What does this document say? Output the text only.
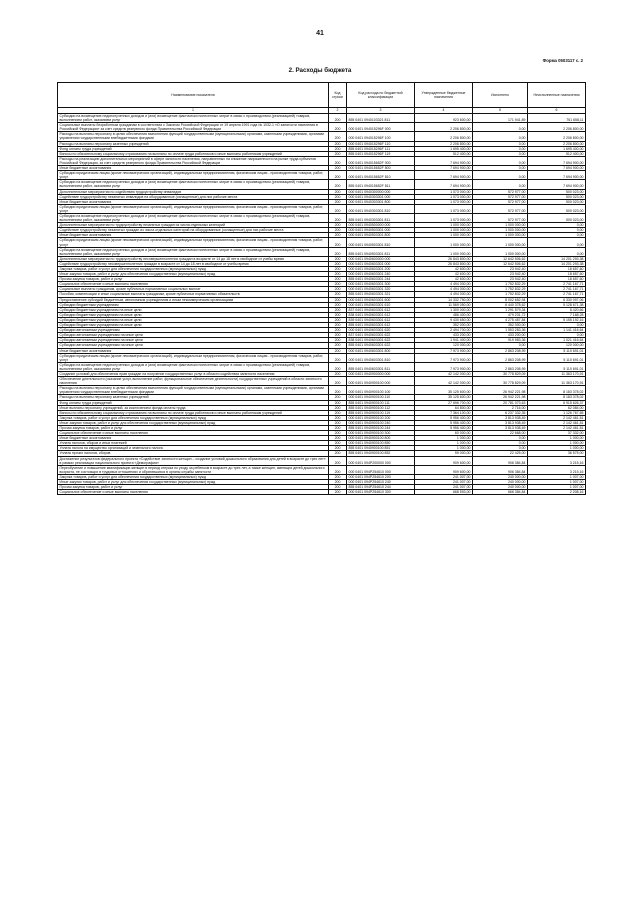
41
Форма 0503117 с. 2
2. Расходы бюджета
Наименование показателя	Код строки	Код расхода по бюджетной классификации	Утвержденные бюджетные назначения	Исполнено	Неисполненные назначения
1	2	3	4	5	6
Субсидии на возмещение недополученных доходов и (или) возмещение фактически понесенных затрат в связи с производством (реализацией) товаров, выполнением работ, оказанием услуг	200	855 0401 0940103321 811	923 600,00	171 941,89	751 658,11
Социальные выплаты безработным гражданам в соответствии с Законом Российской Федерации от 19 апреля 1991 года № 1032-1 «О занятости населения в Российской Федерации» за счет средств резервного фонда Правительства Российской Федерации	200	000 0401 094015296F 000	2 206 800,00	0,00	2 206 800,00
Расходы на выплаты персоналу в целях обеспечения выполнения функций государственными (муниципальными) органами, казенными учреждениями, органами управления государственными внебюджетными фондами	200	000 0401 094015296F 100	2 206 800,00	0,00	2 206 800,00
Расходы на выплаты персоналу казенных учреждений	200	000 0401 094015296F 110	2 206 800,00	0,00	2 206 800,00
Фонд оплаты труда учреждений	200	855 0401 094015296F 111	1 695 400,00	0,00	1 695 400,00
Взносы по обязательному социальному страхованию на выплаты по оплате труда работников и иные выплаты работникам учреждений	200	855 0401 094015296F 119	512 400,00	0,00	512 400,00
Расходы на реализацию дополнительных мероприятий в сфере занятости населения, направленных на снижение напряженности на рынке труда субъектов Российской Федерации, за счет средств резервного фонда Правительства Российской Федерации	200	000 0401 094015652F 000	7 694 900,00	0,00	7 694 900,00
Иные бюджетные ассигнования	200	000 0401 094015652F 800	7 694 900,00	0,00	7 694 900,00
Субсидии юридическим лицам (кроме некоммерческих организаций), индивидуальным предпринимателям, физическим лицам - производителям товаров, работ, услуг	200	000 0401 094015652F 810	7 694 900,00	0,00	7 694 900,00
Субсидии на возмещение недополученных доходов и (или) возмещение фактически понесенных затрат в связи с производством (реализацией) товаров, выполнением работ, оказанием услуг	200	855 0401 094015652F 811	7 694 900,00	0,00	7 694 900,00
Дополнительные мероприятия по содействию трудоустройству инвалидов	200	000 0401 0940300000 000	1 073 000,00	572 977,00	500 023,00
Содействие трудоустройству незанятых инвалидов на оборудованные (оснащенные) для них рабочие места	200	000 0401 0940303301 000	1 073 000,00	572 977,00	500 023,00
Иные бюджетные ассигнования	200	000 0401 0940303301 800	1 073 000,00	572 977,00	500 023,00
Субсидии юридическим лицам (кроме некоммерческих организаций), индивидуальным предпринимателям, физическим лицам - производителям товаров, работ, услуг	200	000 0401 0940303301 810	1 073 000,00	572 977,00	500 023,00
Субсидии на возмещение недополученных доходов и (или) возмещение фактически понесенных затрат в связи с производством (реализацией) товаров, выполнением работ, оказанием услуг	200	855 0401 0940303301 811	1 073 000,00	572 977,00	500 023,00
Дополнительные мероприятия по трудоустройству незанятых граждан из числа отдельных категорий	200	000 0401 0940500000 000	1 000 000,00	1 000 000,00	0,00
Содействие трудоустройству незанятых граждан из числа отдельных категорий на оборудованные (оснащенные) для них рабочие места	200	000 0401 0940503301 000	1 000 000,00	1 000 000,00	0,00
Иные бюджетные ассигнования	200	000 0401 0940503301 800	1 000 000,00	1 000 000,00	0,00
Субсидии юридическим лицам (кроме некоммерческих организаций), индивидуальным предпринимателям, физическим лицам - производителям товаров, работ, услуг	200	000 0401 0940503301 810	1 000 000,00	1 000 000,00	0,00
Субсидии на возмещение недополученных доходов и (или) возмещение фактически понесенных затрат в связи с производством (реализацией) товаров, выполнением работ, оказанием услуг	200	855 0401 0940503301 811	1 000 000,00	1 000 000,00	0,00
Дополнительные мероприятия по трудоустройству несовершеннолетних граждан в возрасте от 14 до 18 лет в свободное от учебы время	200	000 0401 0940600000 000	26 843 800,00	12 642 506,62	14 201 293,38
Содействие трудоустройству несовершеннолетних граждан в возрасте от 14 до 18 лет в свободное от учебы время	200	000 0401 0940603301 000	26 843 800,00	12 642 506,62	14 201 293,38
Закупка товаров, работ и услуг для обеспечения государственных (муниципальных) нужд	200	000 0401 0940603301 200	42 600,00	23 942,40	18 657,60
Иные закупки товаров, работ и услуг для обеспечения государственных (муниципальных) нужд	200	000 0401 0940603301 240	42 600,00	23 942,40	18 657,60
Прочая закупка товаров, работ и услуг	200	855 0401 0940603301 244	42 600,00	23 942,40	18 657,60
Социальное обеспечение и иные выплаты населению	200	000 0401 0940603301 300	4 494 000,00	1 752 832,29	2 741 167,71
Социальные выплаты гражданам, кроме публичных нормативных социальных выплат	200	000 0401 0940603301 320	4 494 000,00	1 752 832,29	2 741 167,71
Пособия, компенсации и иные социальные выплаты гражданам, кроме публичных нормативных обязательств	200	855 0401 0940603301 321	4 494 000,00	1 752 832,29	2 741 167,71
Предоставление субсидий бюджетным, автономным учреждениям и иным некоммерческим организациям	200	000 0401 0940603301 600	14 332 750,00	8 002 652,94	6 330 097,06
Субсидии бюджетным учреждениям	200	000 0401 0940603301 610	11 569 050,00	6 440 378,62	5 128 671,38
Субсидии бюджетным учреждениям на иные цели	200	837 0401 0940603301 612	1 300 000,00	1 291 579,34	8 420,66
Субсидии бюджетным учреждениям на иные цели	200	838 0401 0940603301 612	486 400,00	479 231,72	7 168,28
Субсидии бюджетным учреждениям на иные цели	200	839 0401 0940603301 612	9 430 650,00	4 275 457,84	5 155 192,16
Субсидии бюджетным учреждениям на иные цели	200	855 0401 0940603301 612	352 000,00	352 000,00	0,00
Субсидии автономным учреждениям	200	000 0401 0940603301 620	2 494 700,00	1 553 283,36	1 141 416,64
Субсидии автономным учреждениям на иные цели	200	837 0401 0940603301 622	433 200,00	433 200,00	0,00
Субсидии автономным учреждениям на иные цели	200	838 0401 0940603301 622	1 941 400,00	919 983,36	1 021 416,64
Субсидии автономным учреждениям на иные цели	200	855 0401 0940603301 622	120 000,00	0,00	120 000,00
Иные бюджетные ассигнования	200	000 0401 0940603301 800	7 973 900,00	2 863 208,99	5 110 691,01
Субсидии юридическим лицам (кроме некоммерческих организаций), индивидуальным предпринимателям, физическим лицам - производителям товаров, работ, услуг	200	000 0401 0940603301 810	7 973 900,00	2 863 208,99	5 110 691,01
Субсидии на возмещение недополученных доходов и (или) возмещение фактически понесенных затрат в связи с производством (реализацией) товаров, выполнением работ, оказанием услуг	200	855 0401 0940603301 811	7 973 900,00	2 863 208,99	5 110 691,01
Создание условий для обеспечения прав граждан на получение государственных услуг в области содействия занятости населения	200	000 0401 0940900000 000	42 142 000,00	30 778 829,09	11 363 170,91
Обеспечение деятельности (оказание услуг, выполнение работ, функциональное обеспечение деятельности) государственных учреждений в области занятости населения	200	000 0401 0940900100 000	42 142 000,00	30 778 829,09	11 363 170,91
Расходы на выплаты персоналу в целях обеспечения выполнения функций государственными (муниципальными) органами, казенными учреждениями, органами управления государственными внебюджетными фондами	200	000 0401 0940900100 100	35 125 600,00	26 942 221,98	8 183 378,02
Расходы на выплаты персоналу казенных учреждений	200	000 0401 0940900100 110	35 125 600,00	26 942 221,98	8 183 378,02
Фонд оплаты труда учреждений	200	855 0401 0940900100 111	27 696 700,00	20 781 073,63	6 915 626,37
Иные выплаты персоналу учреждений, за исключением фонда оплаты труда	200	855 0401 0940900100 112	64 800,00	2 716,00	62 084,00
Взносы по обязательному социальному страхованию на выплаты по оплате труда работников и иные выплаты работникам учреждений	200	855 0401 0940900100 119	7 364 100,00	6 237 332,35	1 126 767,65
Закупка товаров, работ и услуг для обеспечения государственных (муниципальных) нужд	200	000 0401 0940900100 200	5 956 400,00	3 813 938,49	2 142 461,51
Иные закупки товаров, работ и услуг для обеспечения государственных (муниципальных) нужд	200	000 0401 0940900100 240	5 956 400,00	3 813 938,49	2 142 461,51
Прочая закупка товаров, работ и услуг	200	855 0401 0940900100 244	5 956 400,00	3 813 938,49	2 142 461,51
Социальное обеспечение и иные выплаты населению	200	000 0401 0940900100 300	60 000,00	22 668,00	37 332,00
Иные бюджетные ассигнования	200	000 0401 0940900100 800	1 000,00	0,00	1 000,00
Уплата налогов, сборов и иных платежей	200	000 0401 0940900100 850	1 000,00	0,00	1 000,00
Уплата налога на имущество организаций и земельного налога	200	855 0401 0940900100 851	1 000,00	0,00	1 000,00
Уплата прочих налогов, сборов	200	855 0401 0940900100 852	59 000,00	22 425,00	36 575,00
Достижение результатов федерального проекта «Содействие занятости женщин – создание условий дошкольного образования для детей в возрасте до трех лет» в рамках реализации национального проекта «Демография»	200	000 0401 094P200000 000	909 600,00	906 384,84	3 215,16
Переобучение и повышение квалификации женщин в период отпуска по уходу за ребенком в возрасте до трех лет, а также женщин, имеющих детей дошкольного возраста, не состоящих в трудовых отношениях и обратившихся в органы службы занятости	200	000 0401 094P254610 000	909 600,00	906 384,84	3 215,16
Закупка товаров, работ и услуг для обеспечения государственных (муниципальных) нужд	200	000 0401 094P254610 200	241 007,00	240 000,00	1 007,00
Иные закупки товаров, работ и услуг для обеспечения государственных (муниципальных) нужд	200	000 0401 094P254610 240	241 007,00	240 000,00	1 007,00
Прочая закупка товаров, работ и услуг	200	855 0401 094P254610 244	241 007,00	240 000,00	1 007,00
Социальное обеспечение и иные выплаты населению	200	000 0401 094P254610 300	668 593,00	666 384,84	2 208,16
